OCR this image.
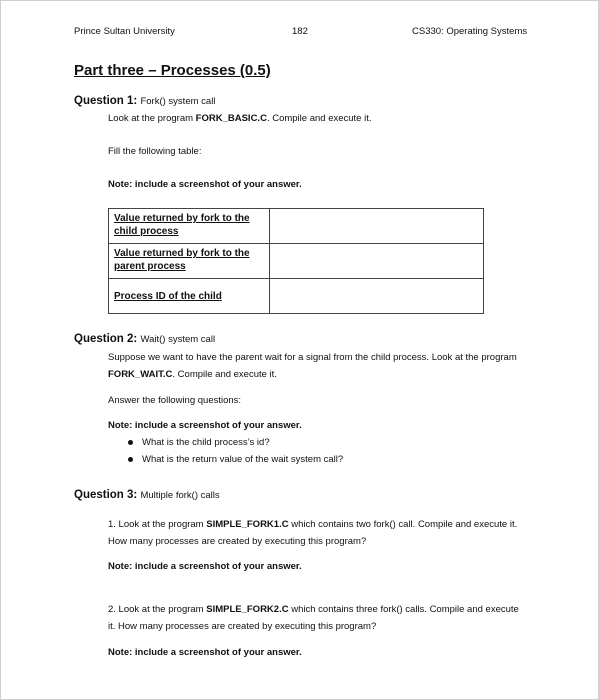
Prince Sultan University	182	CS330: Operating Systems
Part three – Processes (0.5)
Question 1: Fork() system call
Look at the program FORK_BASIC.C. Compile and execute it.
Fill the following table:
Note: include a screenshot of your answer.
Value returned by fork to the child process	
Value returned by fork to the parent process	
Process ID of the child	
Question 2: Wait() system call
Suppose we want to have the parent wait for a signal from the child process. Look at the program FORK_WAIT.C. Compile and execute it.
Answer the following questions:
Note: include a screenshot of your answer.
What is the child process’s id?
What is the return value of the wait system call?
Question 3: Multiple fork() calls
1. Look at the program SIMPLE_FORK1.C which contains two fork() call. Compile and execute it. How many processes are created by executing this program?
Note: include a screenshot of your answer.
2. Look at the program SIMPLE_FORK2.C which contains three fork() calls. Compile and execute it. How many processes are created by executing this program?
Note: include a screenshot of your answer.
